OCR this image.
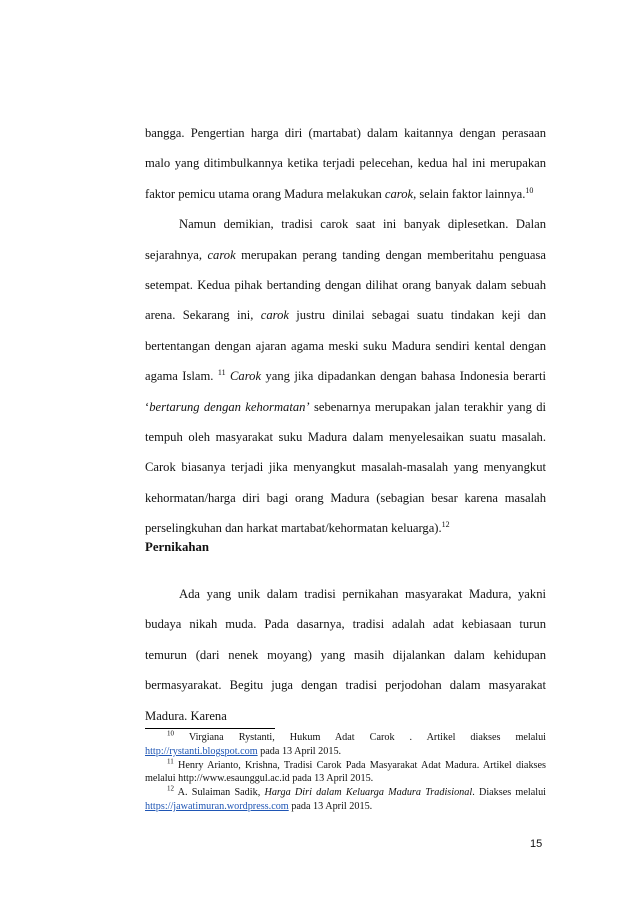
bangga. Pengertian harga diri (martabat) dalam kaitannya dengan perasaan malo yang ditimbulkannya ketika terjadi pelecehan, kedua hal ini merupakan faktor pemicu utama orang Madura melakukan carok, selain faktor lainnya.$^{10}$

Namun demikian, tradisi carok saat ini banyak diplesetkan. Dalan sejarahnya, carok merupakan perang tanding dengan memberitahu penguasa setempat. Kedua pihak bertanding dengan dilihat orang banyak dalam sebuah arena. Sekarang ini, carok justru dinilai sebagai suatu tindakan keji dan bertentangan dengan ajaran agama meski suku Madura sendiri kental dengan agama Islam. $^{11}$ Carok yang jika dipadankan dengan bahasa Indonesia berarti ‘bertarung dengan kehormatan’ sebenarnya merupakan jalan terakhir yang di tempuh oleh masyarakat suku Madura dalam menyelesaikan suatu masalah. Carok biasanya terjadi jika menyangkut masalah-masalah yang menyangkut kehormatan/harga diri bagi orang Madura (sebagian besar karena masalah perselingkuhan dan harkat martabat/kehormatan keluarga).$^{12}$

Pernikahan

Ada yang unik dalam tradisi pernikahan masyarakat Madura, yakni budaya nikah muda. Pada dasarnya, tradisi adalah adat kebiasaan turun temurun (dari nenek moyang) yang masih dijalankan dalam kehidupan bermasyarakat. Begitu juga dengan tradisi perjodohan dalam masyarakat Madura. Karena

$^{10}$ Virgiana Rystanti, Hukum Adat Carok . Artikel diakses melalui http://rystanti.blogspot.com pada 13 April 2015.

$^{11}$ Henry Arianto, Krishna, Tradisi Carok Pada Masyarakat Adat Madura. Artikel diakses melalui http://www.esaunggul.ac.id pada 13 April 2015.

$^{12}$ A. Sulaiman Sadik, Harga Diri dalam Keluarga Madura Tradisional. Diakses melalui https://jawatimuran.wordpress.com pada 13 April 2015.

15
